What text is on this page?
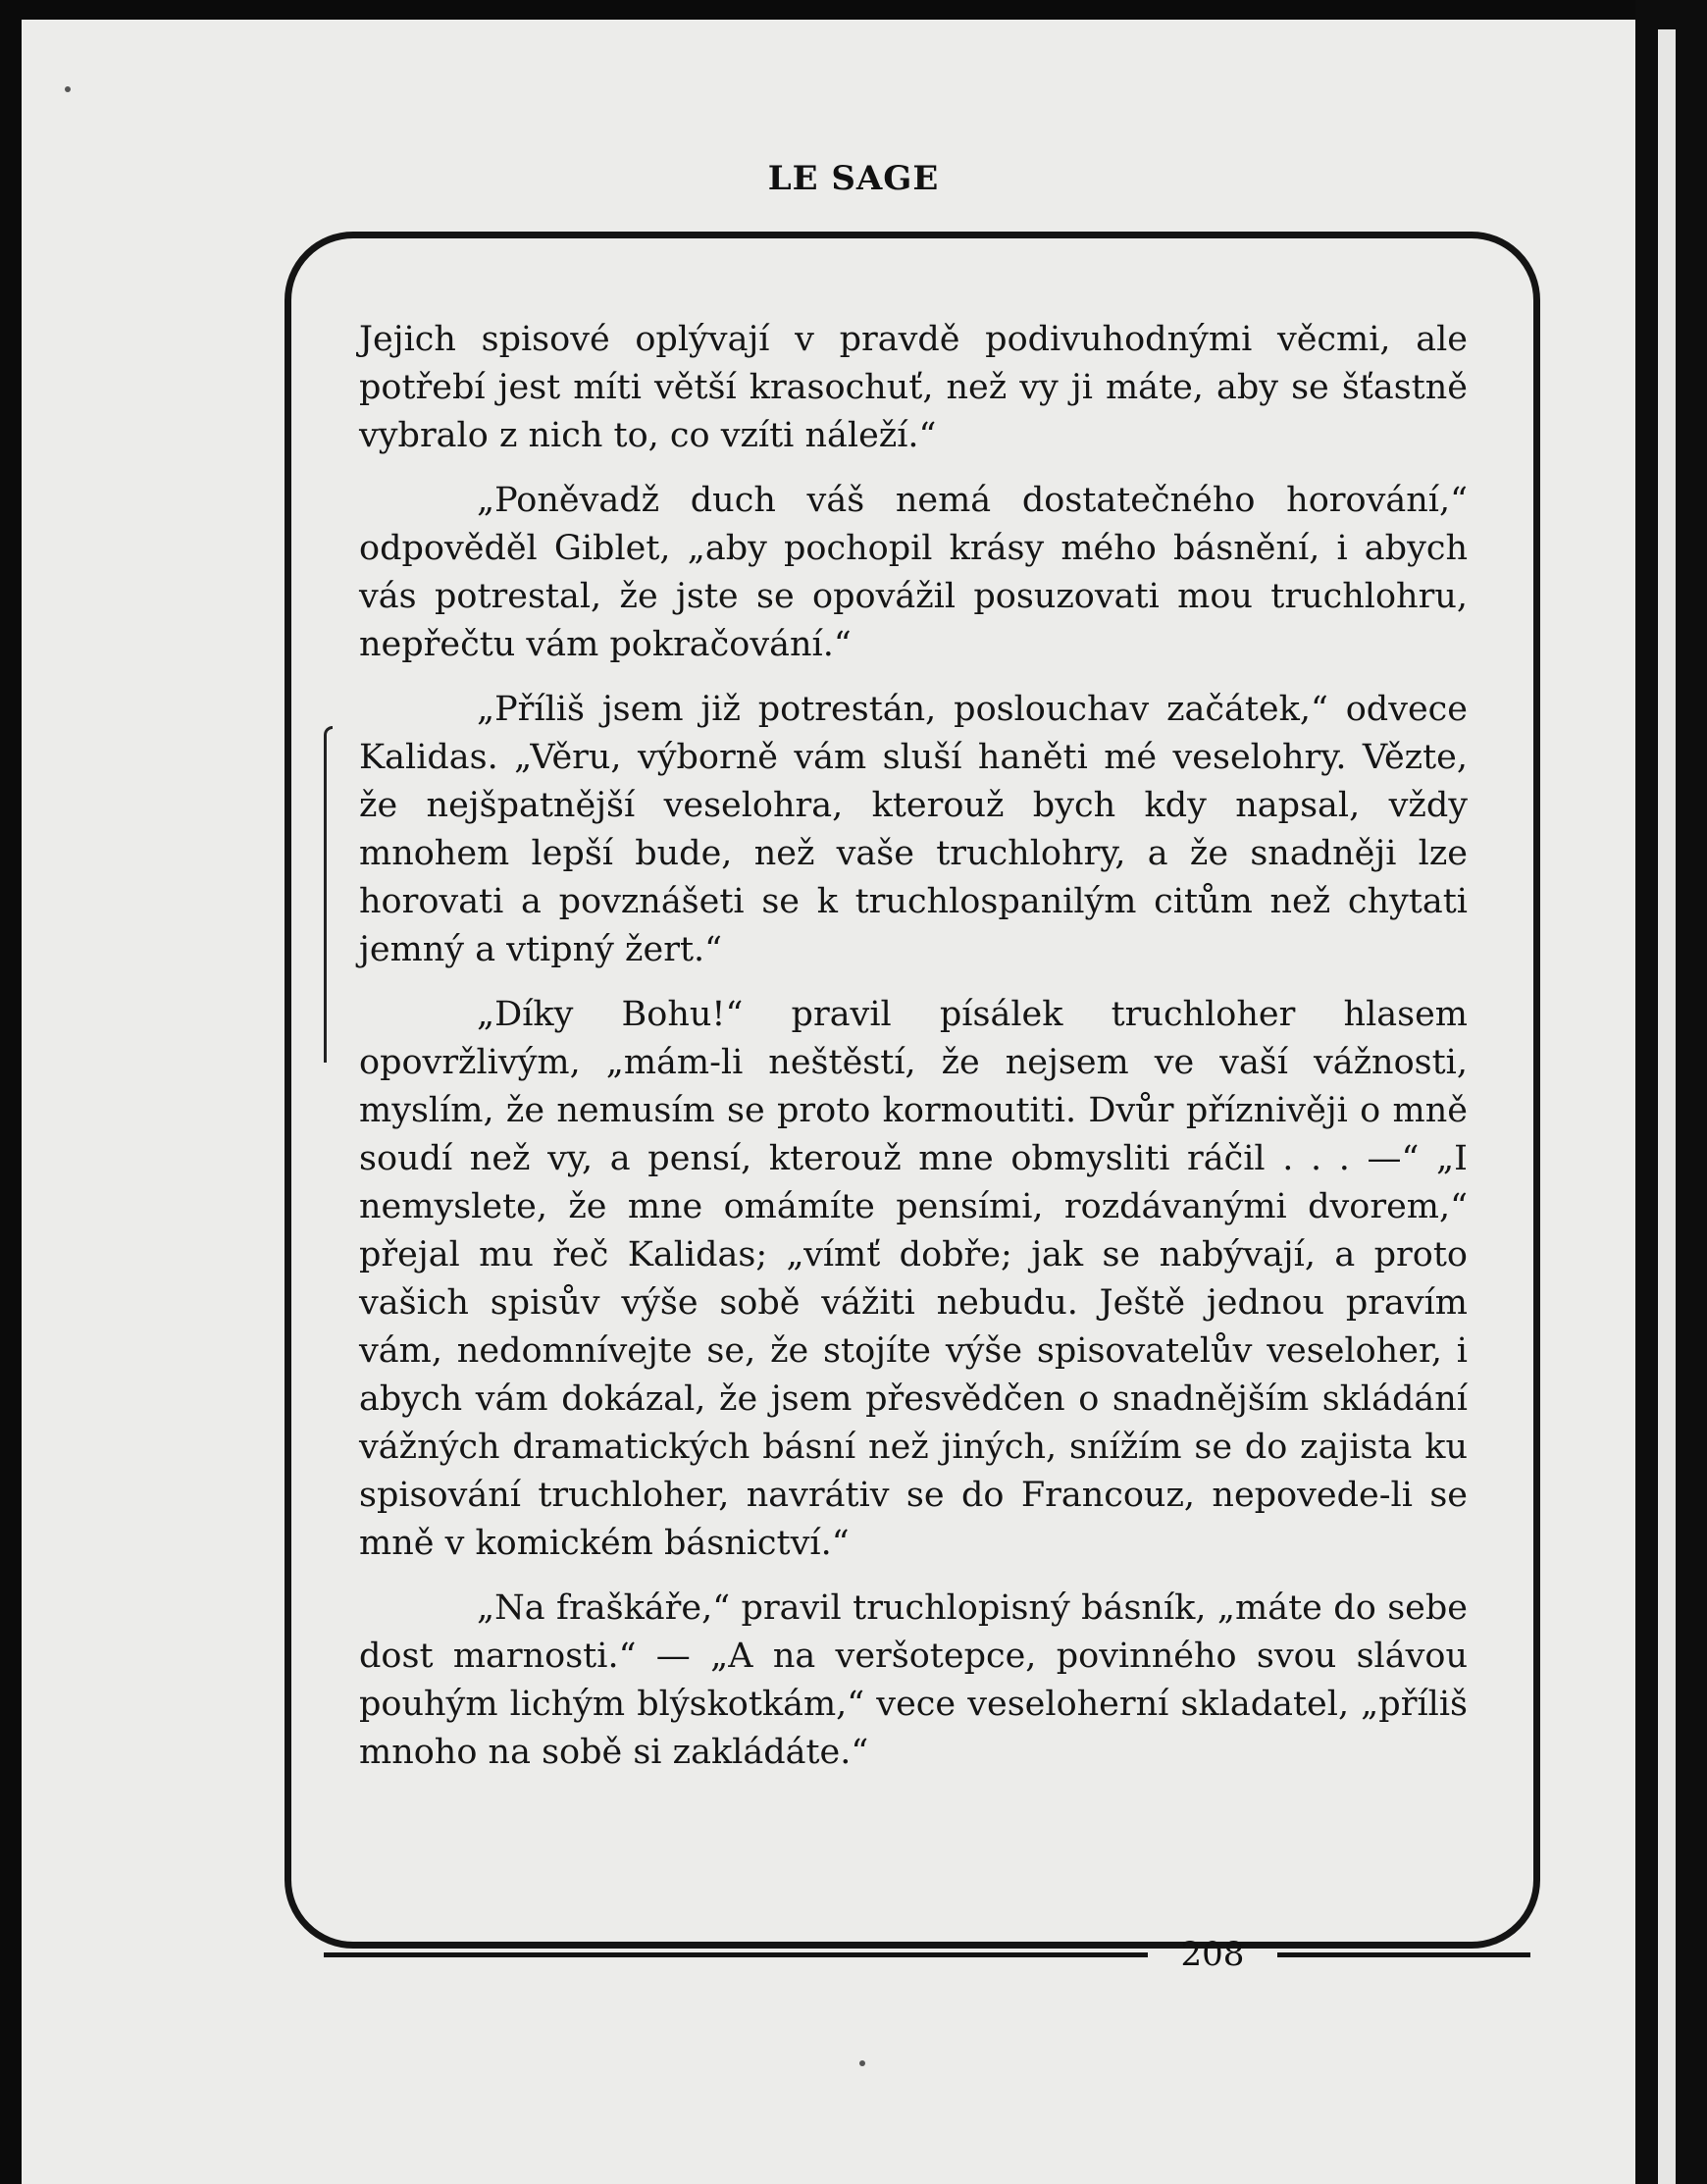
LE SAGE

Jejich spisové oplývají v pravdě podivuhodnými věcmi, ale potřebí jest míti větší krasochuť, než vy ji máte, aby se šťastně vybralo z nich to, co vzíti náleží.“

„Poněvadž duch váš nemá dostatečného horování,“ odpověděl Giblet, „aby pochopil krásy mého básnění, i abych vás potrestal, že jste se opovážil posuzovati mou truchlohru, nepřečtu vám pokračování.“

„Příliš jsem již potrestán, poslouchav začátek,“ odvece Kalidas. „Věru, výborně vám sluší haněti mé veselohry. Vězte, že nejšpatnější veselohra, kterouž bych kdy napsal, vždy mnohem lepší bude, než vaše truchlohry, a že snadněji lze horovati a povznášeti se k truchlospanilým citům než chytati jemný a vtipný žert.“

„Díky Bohu!“ pravil písálek truchloher hlasem opovržlivým, „mám-li neštěstí, že nejsem ve vaší vážnosti, myslím, že nemusím se proto kormoutiti. Dvůr příznivěji o mně soudí než vy, a pensí, kterouž mne obmysliti ráčil . . . —“ „I nemyslete, že mne omámíte pensími, rozdávanými dvorem,“ přejal mu řeč Kalidas; „vímť dobře; jak se nabývají, a proto vašich spisův výše sobě vážiti nebudu. Ještě jednou pravím vám, nedomnívejte se, že stojíte výše spisovatelův veseloher, i abych vám dokázal, že jsem přesvědčen o snadnějším skládání vážných dramatických básní než jiných, snížím se do zajista ku spisování truchloher, navrátiv se do Francouz, nepovede-li se mně v komickém básnictví.“

„Na fraškáře,“ pravil truchlopisný básník, „máte do sebe dost marnosti.“ — „A na veršotepce, povinného svou slávou pouhým lichým blýskotkám,“ vece veseloherní skladatel, „příliš mnoho na sobě si zakládáte.“

208
